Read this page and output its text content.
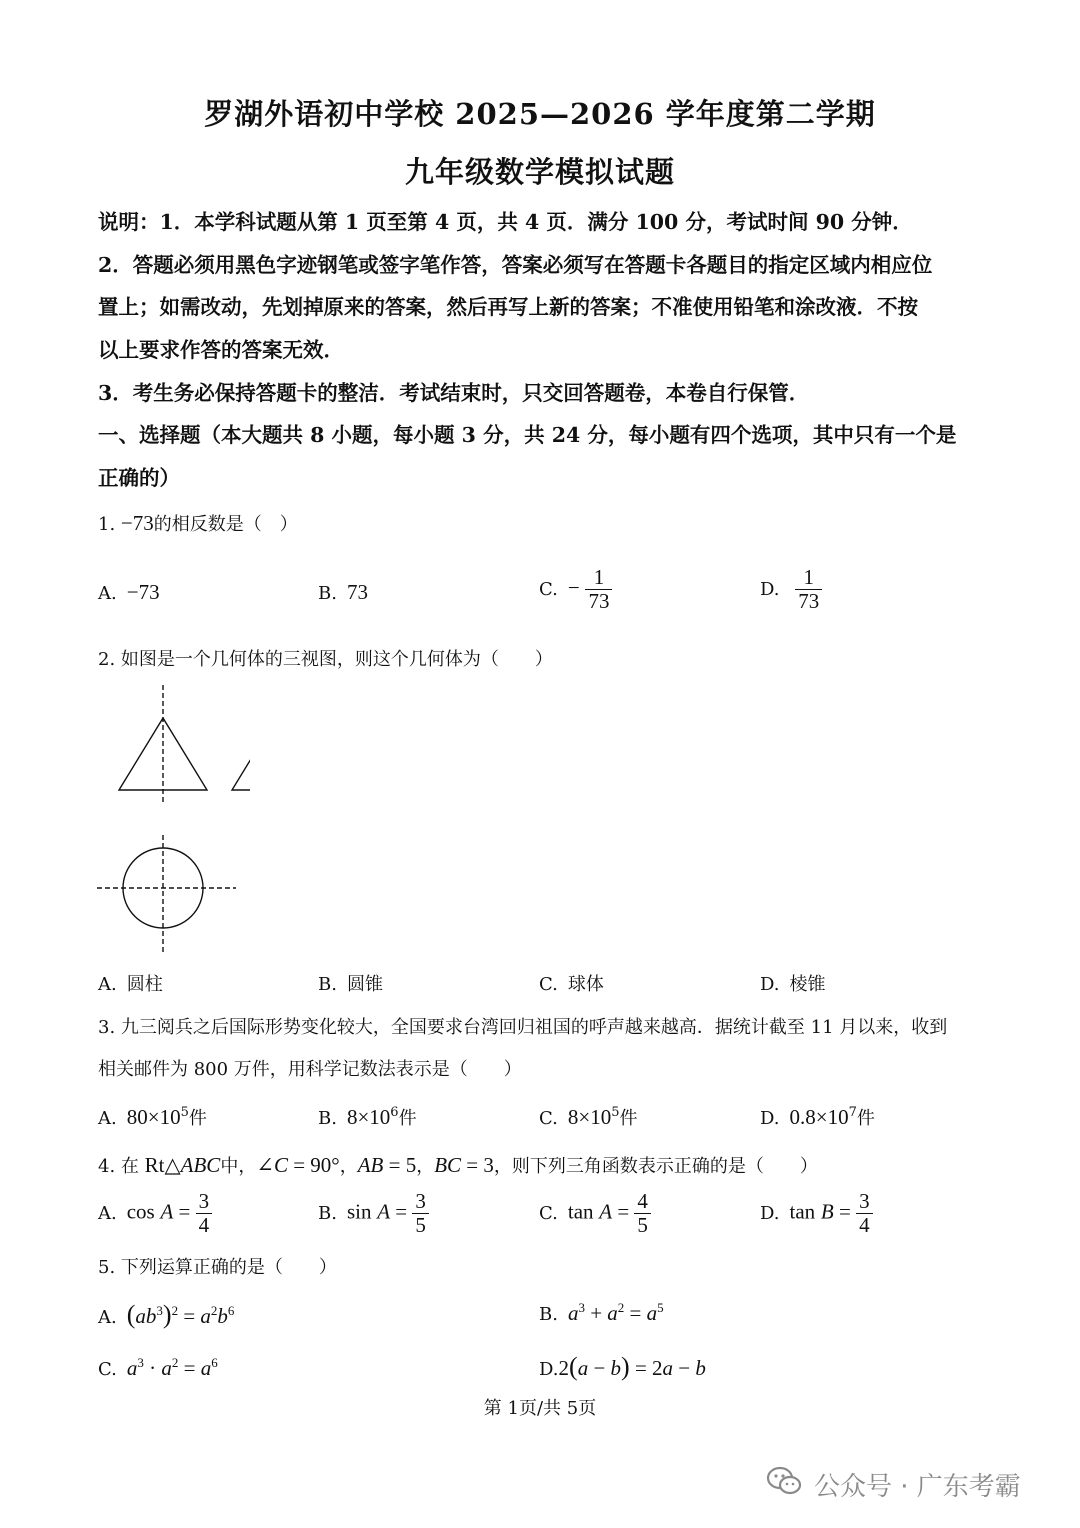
罗湖外语初中学校 2025—2026 学年度第二学期
九年级数学模拟试题
说明：1．本学科试题从第 1 页至第 4 页，共 4 页．满分 100 分，考试时间 90 分钟．
2．答题必须用黑色字迹钢笔或签字笔作答，答案必须写在答题卡各题目的指定区域内相应位
置上；如需改动，先划掉原来的答案，然后再写上新的答案；不准使用铅笔和涂改液．不按
以上要求作答的答案无效．
3．考生务必保持答题卡的整洁．考试结束时，只交回答题卷，本卷自行保管．
一、选择题（本大题共 8 小题，每小题 3 分，共 24 分，每小题有四个选项，其中只有一个是
正确的）
1. −73的相反数是（　）
A. −73	B. 73	C. − $\frac{1}{73}$	D. $\frac{1}{73}$
2. 如图是一个几何体的三视图，则这个几何体为（　　）
A. 圆柱	B. 圆锥	C. 球体	D. 棱锥
3. 九三阅兵之后国际形势变化较大，全国要求台湾回归祖国的呼声越来越高．据统计截至 11 月以来，收到
相关邮件为 800 万件，用科学记数法表示是（　　）
A. $80\times 10^5$件	B. $8\times 10^6$件	C. $8\times 10^5$件	D. $0.8\times 10^7$件
4. 在 Rt△ABC中，∠C = 90°，AB = 5，BC = 3，则下列三角函数表示正确的是（　　）
A. $\cos A = \frac{3}{4}$	B. $\sin A = \frac{3}{5}$	C. $\tan A = \frac{4}{5}$	D. $\tan B = \frac{3}{4}$
5. 下列运算正确的是（　　）
A. $(ab^3)^2 = a^2b^6$	B. $a^3 + a^2 = a^5$
C. $a^3 \cdot a^2 = a^6$	D.2(a − b) = 2a − b
第 1页/共 5页
公众号 · 广东考霸
